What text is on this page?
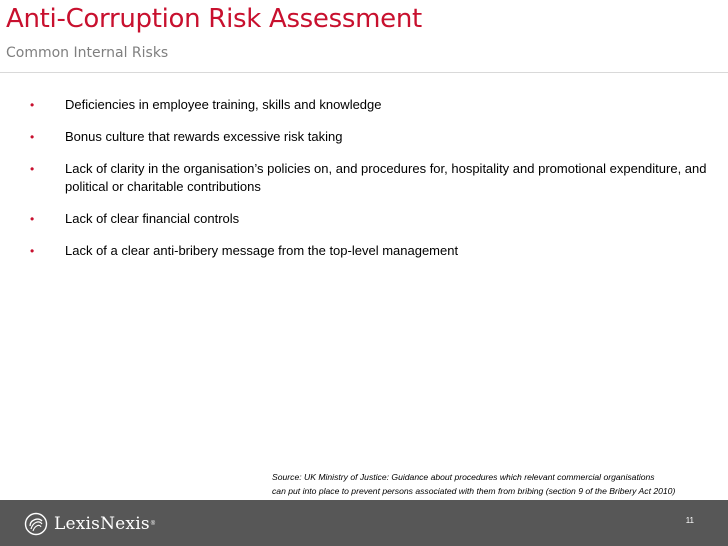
Anti-Corruption Risk Assessment
Common Internal Risks
• Deficiencies in employee training, skills and knowledge
• Bonus culture that rewards excessive risk taking
• Lack of clarity in the organisation’s policies on, and procedures for, hospitality and promotional expenditure, and political or charitable contributions
• Lack of clear financial controls
• Lack of a clear anti-bribery message from the top-level management
Source: UK Ministry of Justice: Guidance about procedures which relevant commercial organisations
can put into place to prevent persons associated with them from bribing (section 9 of the Bribery Act 2010)
LexisNexis ®	11
